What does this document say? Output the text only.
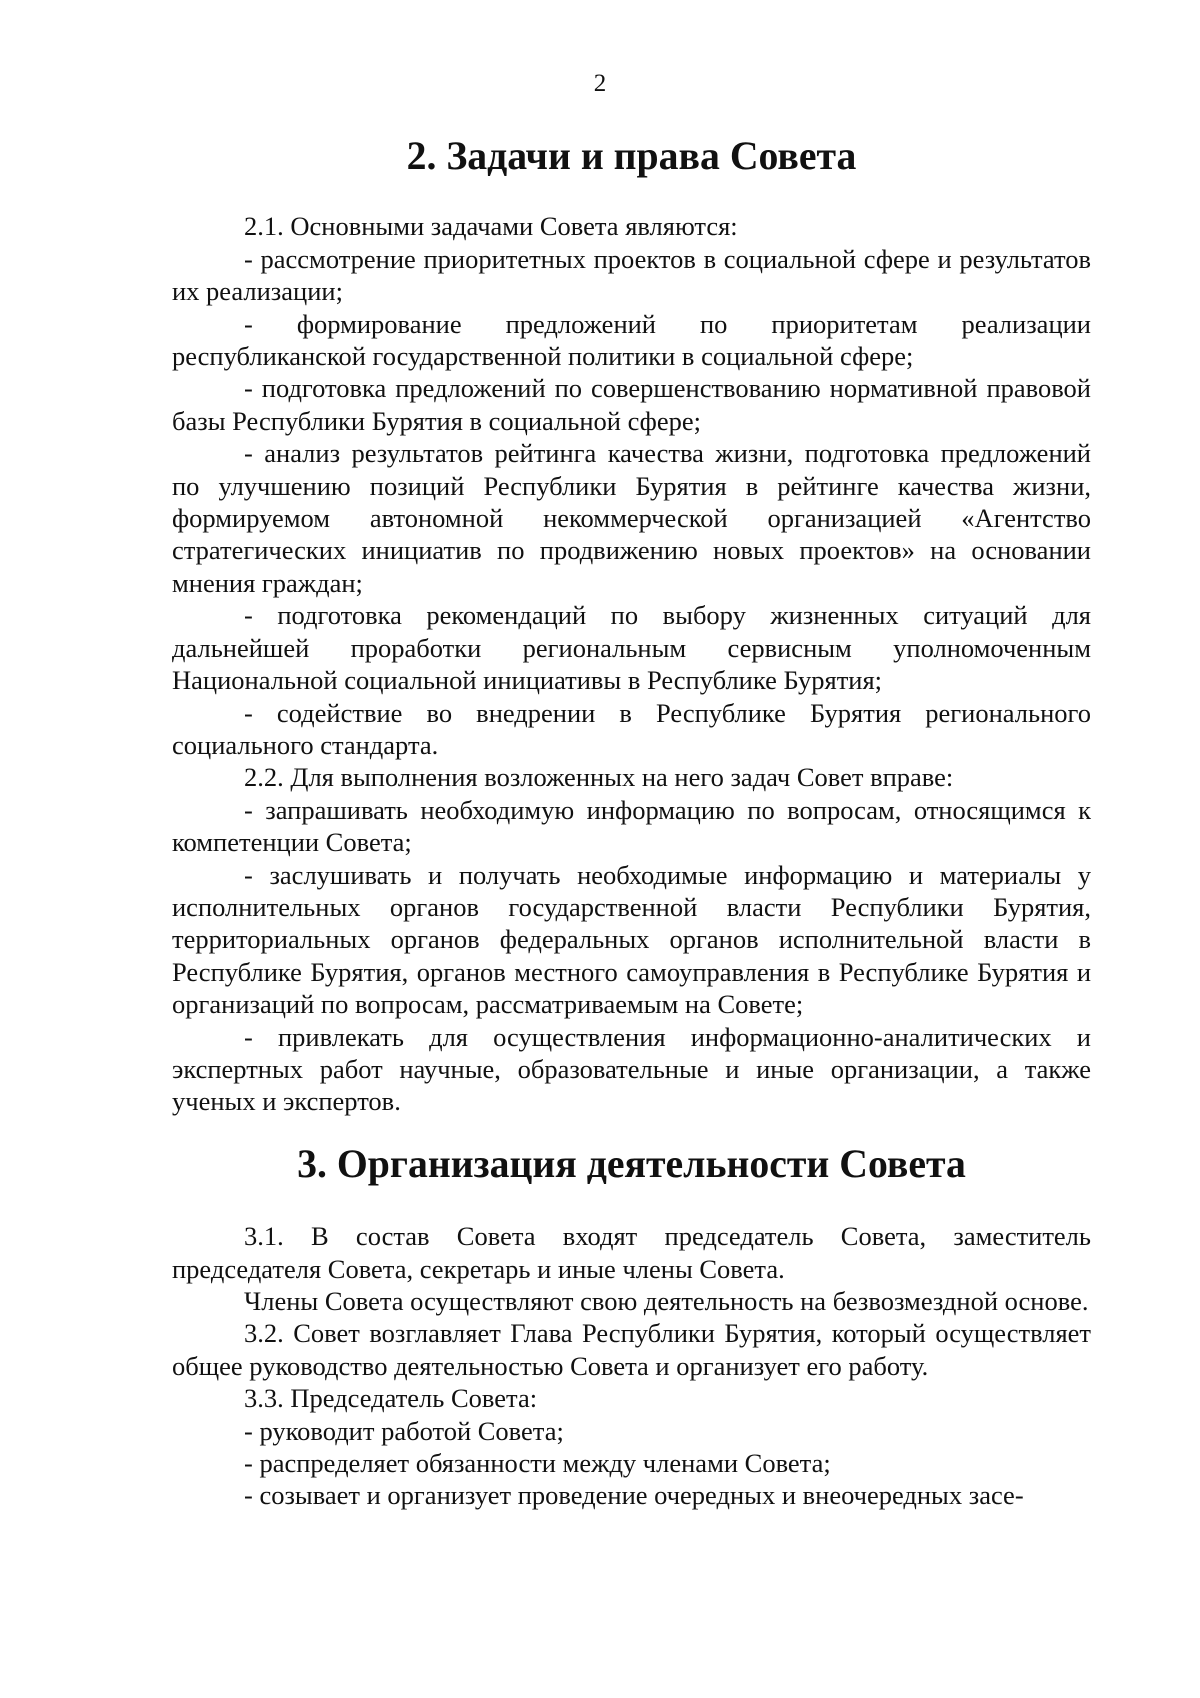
2
2. Задачи и права Совета

2.1. Основными задачами Совета являются:

- рассмотрение приоритетных проектов в социальной сфере и результатов их реализации;

- формирование предложений по приоритетам реализации республиканской государственной политики в социальной сфере;

- подготовка предложений по совершенствованию нормативной правовой базы Республики Бурятия в социальной сфере;

- анализ результатов рейтинга качества жизни, подготовка предложений по улучшению позиций Республики Бурятия в рейтинге качества жизни, формируемом автономной некоммерческой организацией «Агентство стратегических инициатив по продвижению новых проектов» на основании мнения граждан;

- подготовка рекомендаций по выбору жизненных ситуаций для дальнейшей проработки региональным сервисным уполномоченным Национальной социальной инициативы в Республике Бурятия;

- содействие во внедрении в Республике Бурятия регионального социального стандарта.

2.2. Для выполнения возложенных на него задач Совет вправе:

- запрашивать необходимую информацию по вопросам, относящимся к компетенции Совета;

- заслушивать и получать необходимые информацию и материалы у исполнительных органов государственной власти Республики Бурятия, территориальных органов федеральных органов исполнительной власти в Республике Бурятия, органов местного самоуправления в Республике Бурятия и организаций по вопросам, рассматриваемым на Совете;

- привлекать для осуществления информационно-аналитических и экспертных работ научные, образовательные и иные организации, а также ученых и экспертов.

3. Организация деятельности Совета

3.1. В состав Совета входят председатель Совета, заместитель председателя Совета, секретарь и иные члены Совета.

Члены Совета осуществляют свою деятельность на безвозмездной основе.

3.2. Совет возглавляет Глава Республики Бурятия, который осуществляет общее руководство деятельностью Совета и организует его работу.

3.3. Председатель Совета:

- руководит работой Совета;

- распределяет обязанности между членами Совета;

- созывает и организует проведение очередных и внеочередных засе-
